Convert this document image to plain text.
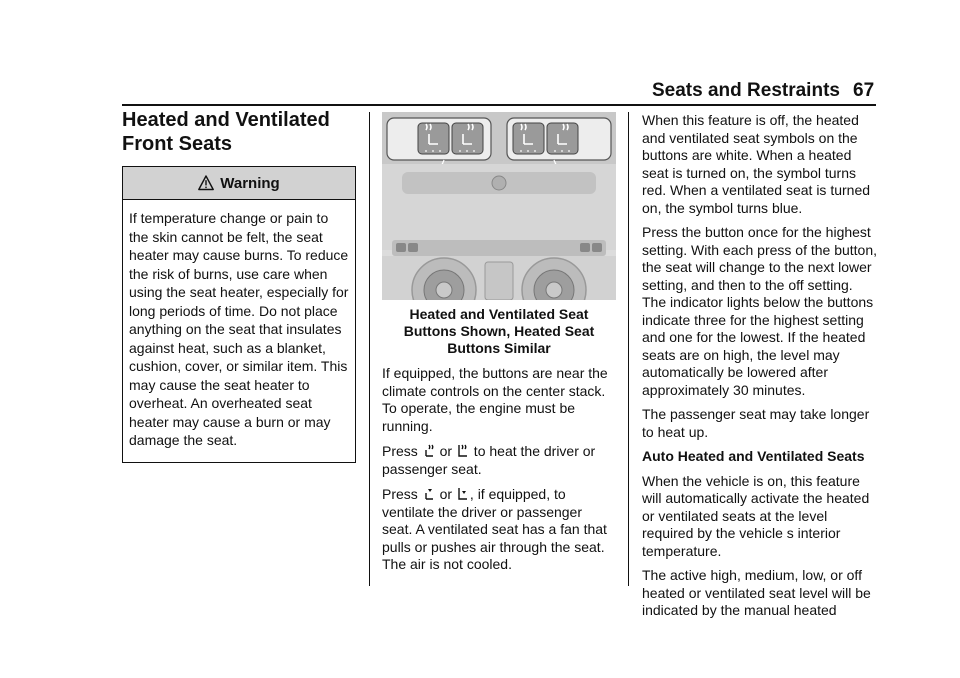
Seats and Restraints 67
Heated and Ventilated
Front Seats
Warning
If temperature change or pain to the skin cannot be felt, the seat heater may cause burns. To reduce the risk of burns, use care when using the seat heater, especially for long periods of time. Do not place anything on the seat that insulates against heat, such as a blanket, cushion, cover, or similar item. This may cause the seat heater to overheat. An overheated seat heater may cause a burn or may damage the seat.
Heated and Ventilated Seat Buttons Shown, Heated Seat Buttons Similar

If equipped, the buttons are near the climate controls on the center stack. To operate, the engine must be running.

Press  or  to heat the driver or passenger seat.

Press  or , if equipped, to ventilate the driver or passenger seat. A ventilated seat has a fan that pulls or pushes air through the seat. The air is not cooled.

When this feature is off, the heated and ventilated seat symbols on the buttons are white. When a heated seat is turned on, the symbol turns red. When a ventilated seat is turned on, the symbol turns blue.

Press the button once for the highest setting. With each press of the button, the seat will change to the next lower setting, and then to the off setting. The indicator lights below the buttons indicate three for the highest setting and one for the lowest. If the heated seats are on high, the level may automatically be lowered after approximately 30 minutes.

The passenger seat may take longer to heat up.

Auto Heated and Ventilated Seats

When the vehicle is on, this feature will automatically activate the heated or ventilated seats at the level required by the vehicle s interior temperature.

The active high, medium, low, or off heated or ventilated seat level will be indicated by the manual heated
